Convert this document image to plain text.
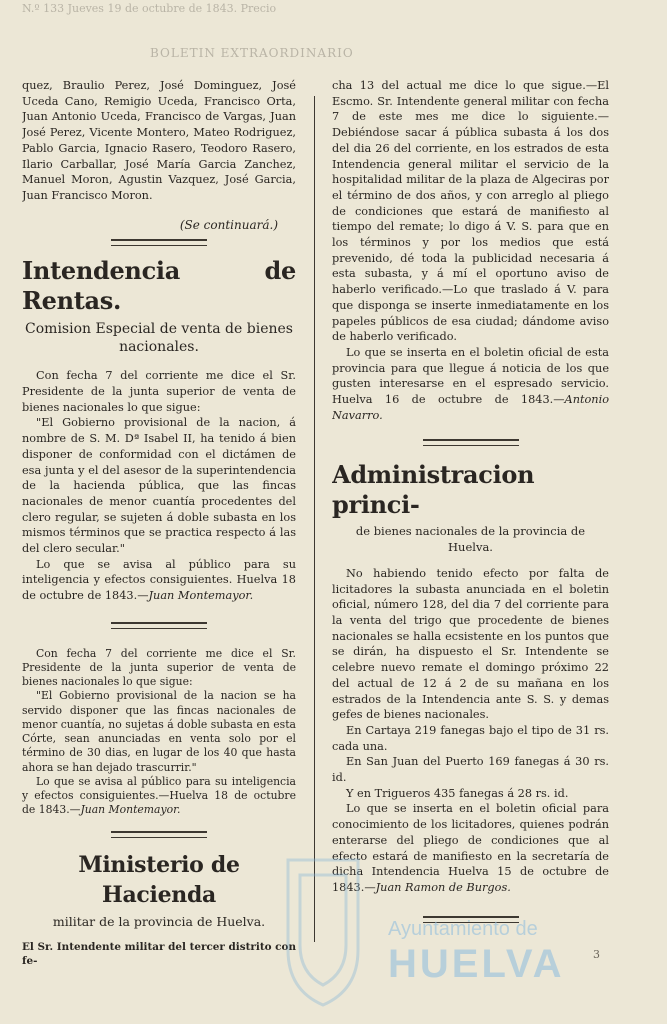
N.º 133 Jueves 19 de octubre de 1843. Precio
BOLETIN EXTRAORDINARIO

quez, Braulio Perez, José Dominguez, José Uceda Cano, Remigio Uceda, Francisco Orta, Juan Antonio Uceda, Francisco de Vargas, Juan José Perez, Vicente Montero, Mateo Rodriguez, Pablo Garcia, Ignacio Rasero, Teodoro Rasero, Ilario Carballar, José María Garcia Zanchez, Manuel Moron, Agustin Vazquez, José Garcia, Juan Francisco Moron.

(Se continuará.)
Intendencia de Rentas.
Comision Especial de venta de bienes nacionales.

Con fecha 7 del corriente me dice el Sr. Presidente de la junta superior de venta de bienes nacionales lo que sigue:

"El Gobierno provisional de la nacion, á nombre de S. M. Dª Isabel II, ha tenido á bien disponer de conformidad con el dictámen de esa junta y el del asesor de la superintendencia de la hacienda pública, que las fincas nacionales de menor cuantía procedentes del clero regular, se sujeten á doble subasta en los mismos términos que se practica respecto á las del clero secular."

Lo que se avisa al público para su inteligencia y efectos consiguientes. Huelva 18 de octubre de 1843.—Juan Montemayor.

Con fecha 7 del corriente me dice el Sr. Presidente de la junta superior de venta de bienes nacionales lo que sigue:

"El Gobierno provisional de la nacion se ha servido disponer que las fincas nacionales de menor cuantía, no sujetas á doble subasta en esta Córte, sean anunciadas en venta solo por el término de 30 dias, en lugar de los 40 que hasta ahora se han dejado trascurrir."

Lo que se avisa al público para su inteligencia y efectos consiguientes.—Huelva 18 de octubre de 1843.—Juan Montemayor.

Ministerio de Hacienda
militar de la provincia de Huelva.

El Sr. Intendente militar del tercer distrito con fe-

cha 13 del actual me dice lo que sigue.—El Escmo. Sr. Intendente general militar con fecha 7 de este mes me dice lo siguiente.—Debiéndose sacar á pública subasta á los dos del dia 26 del corriente, en los estrados de esta Intendencia general militar el servicio de la hospitalidad militar de la plaza de Algeciras por el término de dos años, y con arreglo al pliego de condiciones que estará de manifiesto al tiempo del remate; lo digo á V. S. para que en los términos y por los medios que está prevenido, dé toda la publicidad necesaria á esta subasta, y á mí el oportuno aviso de haberlo verificado.—Lo que traslado á V. para que disponga se inserte inmediatamente en los papeles públicos de esa ciudad; dándome aviso de haberlo verificado.

Lo que se inserta en el boletin oficial de esta provincia para que llegue á noticia de los que gusten interesarse en el espresado servicio. Huelva 16 de octubre de 1843.—Antonio Navarro.

Administracion princi-
de bienes nacionales de la provincia de Huelva.

No habiendo tenido efecto por falta de licitadores la subasta anunciada en el boletin oficial, número 128, del dia 7 del corriente para la venta del trigo que procedente de bienes nacionales se halla ecsistente en los puntos que se dirán, ha dispuesto el Sr. Intendente se celebre nuevo remate el domingo próximo 22 del actual de 12 á 2 de su mañana en los estrados de la Intendencia ante S. S. y demas gefes de bienes nacionales.

En Cartaya 219 fanegas bajo el tipo de 31 rs. cada una.

En San Juan del Puerto 169 fanegas á 30 rs. id.

Y en Trigueros 435 fanegas á 28 rs. id.

Lo que se inserta en el boletin oficial para conocimiento de los licitadores, quienes podrán enterarse del pliego de condiciones que al efecto estará de manifiesto en la secretaría de dicha Intendencia Huelva 15 de octubre de 1843.—Juan Ramon de Burgos.

Ayuntamiento de
HUELVA	3
